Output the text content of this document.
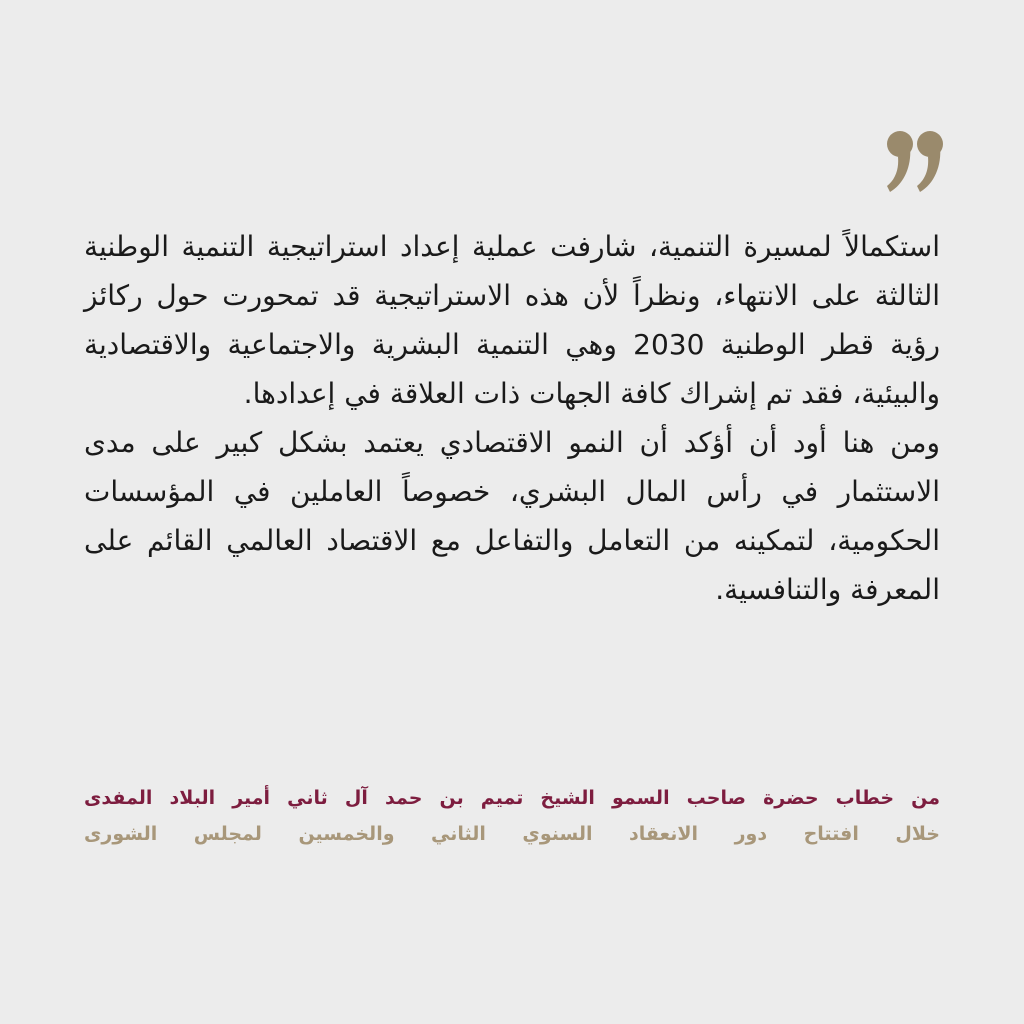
استكمالاً لمسيرة التنمية، شارفت عملية إعداد استراتيجية التنمية الوطنية الثالثة على الانتهاء، ونظراً لأن هذه الاستراتيجية قد تمحورت حول ركائز رؤية قطر الوطنية 2030 وهي التنمية البشرية والاجتماعية والاقتصادية والبيئية، فقد تم إشراك كافة الجهات ذات العلاقة في إعدادها.

ومن هنا أود أن أؤكد أن النمو الاقتصادي يعتمد بشكل كبير على مدى الاستثمار في رأس المال البشري، خصوصاً العاملين في المؤسسات الحكومية، لتمكينه من التعامل والتفاعل مع الاقتصاد العالمي القائم على المعرفة والتنافسية.

من خطاب حضرة صاحب السمو الشيخ تميم بن حمد آل ثاني أمير البلاد المفدى
خلال افتتاح دور الانعقاد السنوي الثاني والخمسين لمجلس الشورى
